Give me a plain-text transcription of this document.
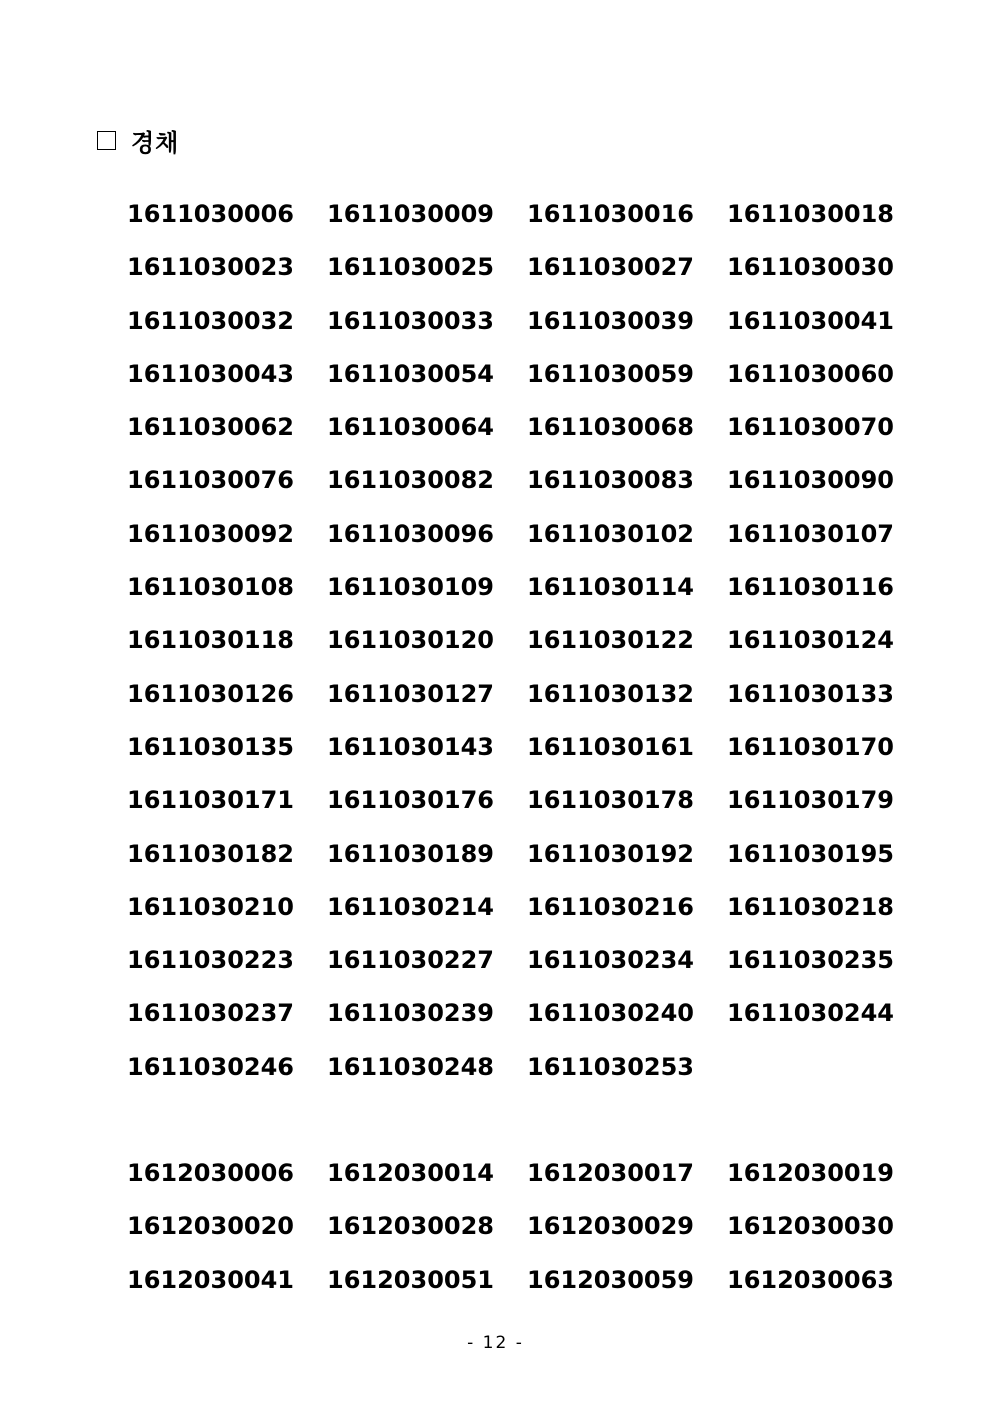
경채
1611030006	1611030009	1611030016	1611030018
1611030023	1611030025	1611030027	1611030030
1611030032	1611030033	1611030039	1611030041
1611030043	1611030054	1611030059	1611030060
1611030062	1611030064	1611030068	1611030070
1611030076	1611030082	1611030083	1611030090
1611030092	1611030096	1611030102	1611030107
1611030108	1611030109	1611030114	1611030116
1611030118	1611030120	1611030122	1611030124
1611030126	1611030127	1611030132	1611030133
1611030135	1611030143	1611030161	1611030170
1611030171	1611030176	1611030178	1611030179
1611030182	1611030189	1611030192	1611030195
1611030210	1611030214	1611030216	1611030218
1611030223	1611030227	1611030234	1611030235
1611030237	1611030239	1611030240	1611030244
1611030246	1611030248	1611030253
1612030006	1612030014	1612030017	1612030019
1612030020	1612030028	1612030029	1612030030
1612030041	1612030051	1612030059	1612030063
- 12 -
